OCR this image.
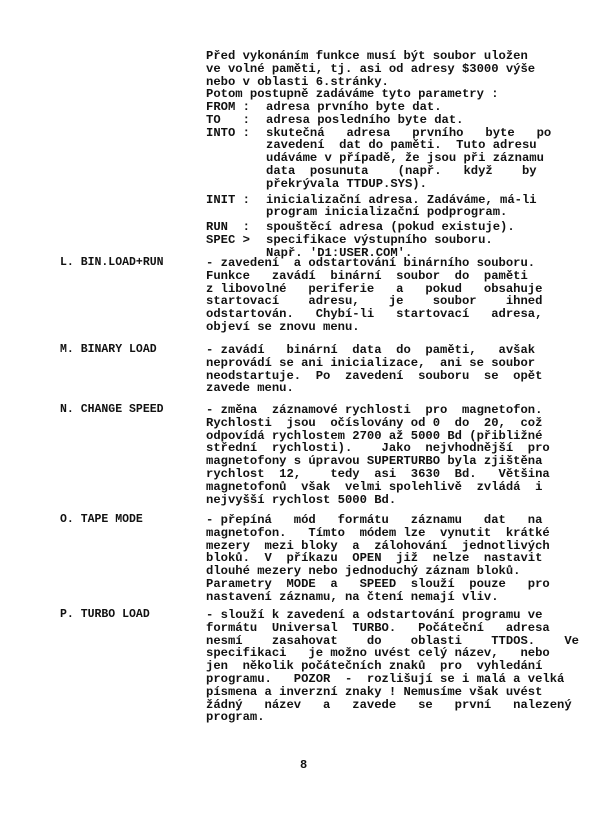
Před vykonáním funkce musí být soubor uložen
ve volné paměti, tj. asi od adresy $3000 výše
nebo v oblasti 6.stránky.
Potom postupně zadáváme tyto parametry :
FROM :	adresa prvního byte dat.
TO   :	adresa posledního byte dat.
INTO :	skutečná   adresa   prvního   byte   po
zavedení  dat do paměti.  Tuto adresu
udáváme v případě, že jsou při záznamu
data  posunuta    (např.   když    by
překrývala TTDUP.SYS).
INIT :	inicializační adresa. Zadáváme, má-li
program inicializační podprogram.
RUN  :	spouštěcí adresa (pokud existuje).
SPEC >	specifikace výstupního souboru.
Např. 'D1:USER.COM'.
L. BIN.LOAD+RUN	- zavedení  a odstartování binárního souboru.
Funkce   zavádí  binární  soubor  do  paměti
z libovolné   periferie   a   pokud   obsahuje
startovací    adresu,    je    soubor    ihned
odstartován.   Chybí-li   startovací   adresa,
objeví se znovu menu.
M. BINARY LOAD	- zavádí   binární  data  do  paměti,   avšak
neprovádí se ani inicializace,  ani se soubor
neodstartuje.  Po  zavedení  souboru  se  opět
zavede menu.
N. CHANGE SPEED	- změna  záznamové rychlosti  pro  magnetofon.
Rychlosti  jsou  očíslovány od 0  do  20,  což
odpovídá rychlostem 2700 až 5000 Bd (přibližné
střední  rychlosti).    Jako  nejvhodnější  pro
magnetofony s úpravou SUPERTURBO byla zjištěna
rychlost  12,    tedy  asi  3630  Bd.   Většina
magnetofonů  však  velmi spolehlivě  zvládá  i
nejvyšší rychlost 5000 Bd.
O. TAPE MODE	- přepíná   mód   formátu   záznamu   dat   na
magnetofon.   Tímto  módem lze  vynutit  krátké
mezery  mezi bloky  a  zálohování  jednotlivých
bloků.  V  příkazu  OPEN  již  nelze  nastavit
dlouhé mezery nebo jednoduchý záznam bloků.
Parametry  MODE  a   SPEED  slouží  pouze   pro
nastavení záznamu, na čtení nemají vliv.
P. TURBO LOAD	- slouží k zavedení a odstartování programu ve
formátu  Universal  TURBO.   Počáteční   adresa
nesmí    zasahovat    do    oblasti    TTDOS.    Ve
specifikaci   je možno uvést celý název,   nebo
jen  několik počátečních znaků  pro  vyhledání
programu.   POZOR  -  rozlišují se i malá a velká
písmena a inverzní znaky ! Nemusíme však uvést
žádný   název   a   zavede   se   první   nalezený
program.
8
